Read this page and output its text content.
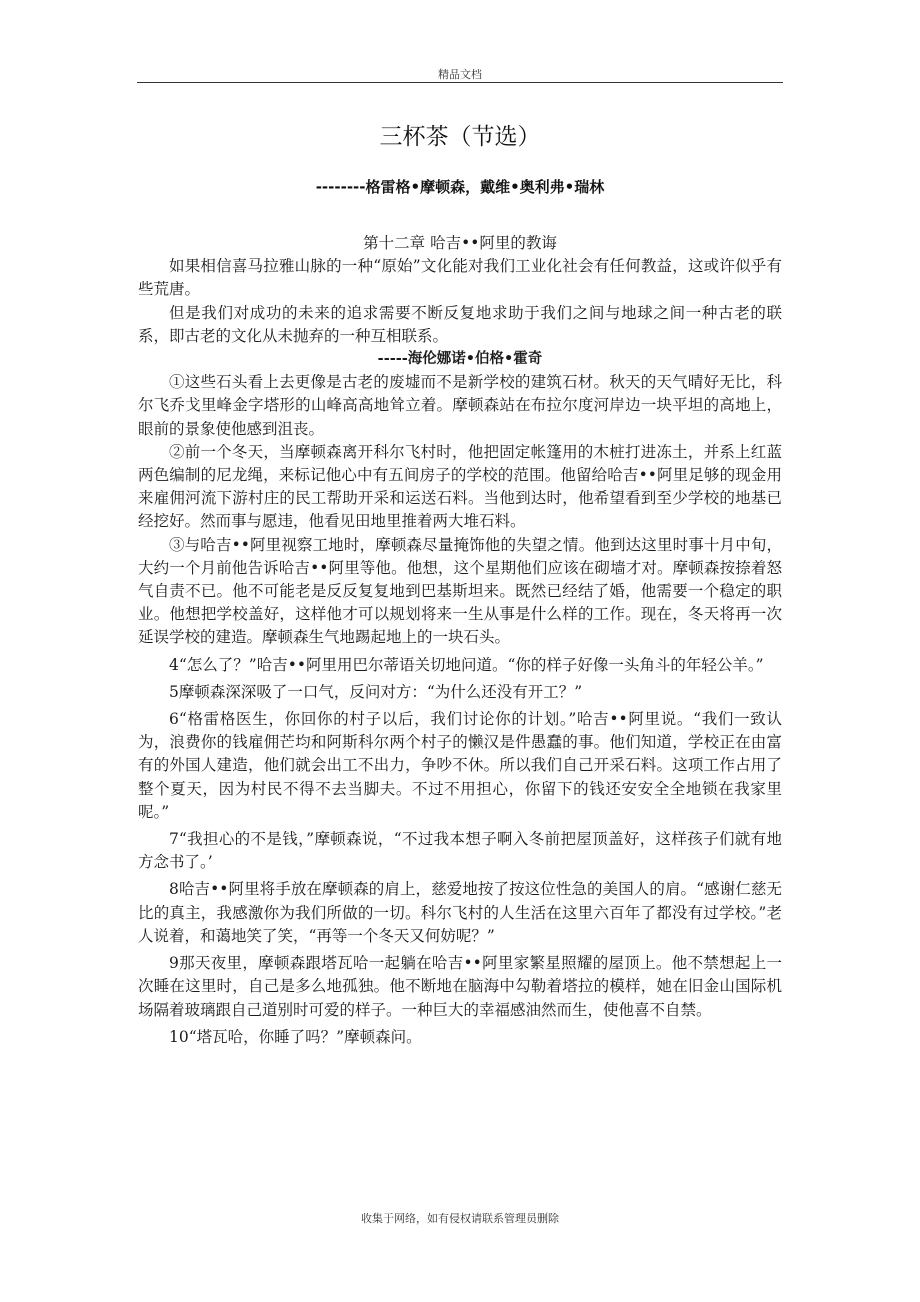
精品文档
三杯茶（节选）
--------格雷格•摩顿森，戴维•奥利弗•瑞林

第十二章 哈吉••阿里的教诲

如果相信喜马拉雅山脉的一种“原始”文化能对我们工业化社会有任何教益，这或许似乎有些荒唐。

但是我们对成功的未来的追求需要不断反复地求助于我们之间与地球之间一种古老的联系，即古老的文化从未抛弃的一种互相联系。

-----海伦娜诺•伯格•霍奇

①这些石头看上去更像是古老的废墟而不是新学校的建筑石材。秋天的天气晴好无比，科尔飞乔戈里峰金字塔形的山峰高高地耸立着。摩顿森站在布拉尔度河岸边一块平坦的高地上，眼前的景象使他感到沮丧。

②前一个冬天，当摩顿森离开科尔飞村时，他把固定帐篷用的木桩打进冻土，并系上红蓝两色编制的尼龙绳，来标记他心中有五间房子的学校的范围。他留给哈吉••阿里足够的现金用来雇佣河流下游村庄的民工帮助开采和运送石料。当他到达时，他希望看到至少学校的地基已经挖好。然而事与愿违，他看见田地里推着两大堆石料。

③与哈吉••阿里视察工地时，摩顿森尽量掩饰他的失望之情。他到达这里时事十月中旬，大约一个月前他告诉哈吉••阿里等他。他想，这个星期他们应该在砌墙才对。摩顿森按捺着怒气自责不已。他不可能老是反反复复地到巴基斯坦来。既然已经结了婚，他需要一个稳定的职业。他想把学校盖好，这样他才可以规划将来一生从事是什么样的工作。现在，冬天将再一次延误学校的建造。摩顿森生气地踢起地上的一块石头。

4“怎么了？”哈吉••阿里用巴尔蒂语关切地问道。“你的样子好像一头角斗的年轻公羊。”

5摩顿森深深吸了一口气，反问对方：“为什么还没有开工？”

6“格雷格医生，你回你的村子以后，我们讨论你的计划。”哈吉••阿里说。“我们一致认为，浪费你的钱雇佣芒均和阿斯科尔两个村子的懒汉是件愚蠢的事。他们知道，学校正在由富有的外国人建造，他们就会出工不出力，争吵不休。所以我们自己开采石料。这项工作占用了整个夏天，因为村民不得不去当脚夫。不过不用担心，你留下的钱还安安全全地锁在我家里呢。”

7“我担心的不是钱，”摩顿森说，“不过我本想子啊入冬前把屋顶盖好，这样孩子们就有地方念书了。’

8哈吉••阿里将手放在摩顿森的肩上，慈爱地按了按这位性急的美国人的肩。“感谢仁慈无比的真主，我感激你为我们所做的一切。科尔飞村的人生活在这里六百年了都没有过学校。”老人说着，和蔼地笑了笑，“再等一个冬天又何妨呢？”

9那天夜里，摩顿森跟塔瓦哈一起躺在哈吉••阿里家繁星照耀的屋顶上。他不禁想起上一次睡在这里时，自己是多么地孤独。他不断地在脑海中勾勒着塔拉的模样，她在旧金山国际机场隔着玻璃跟自己道别时可爱的样子。一种巨大的幸福感油然而生，使他喜不自禁。

10“塔瓦哈，你睡了吗？”摩顿森问。

收集于网络，如有侵权请联系管理员删除
